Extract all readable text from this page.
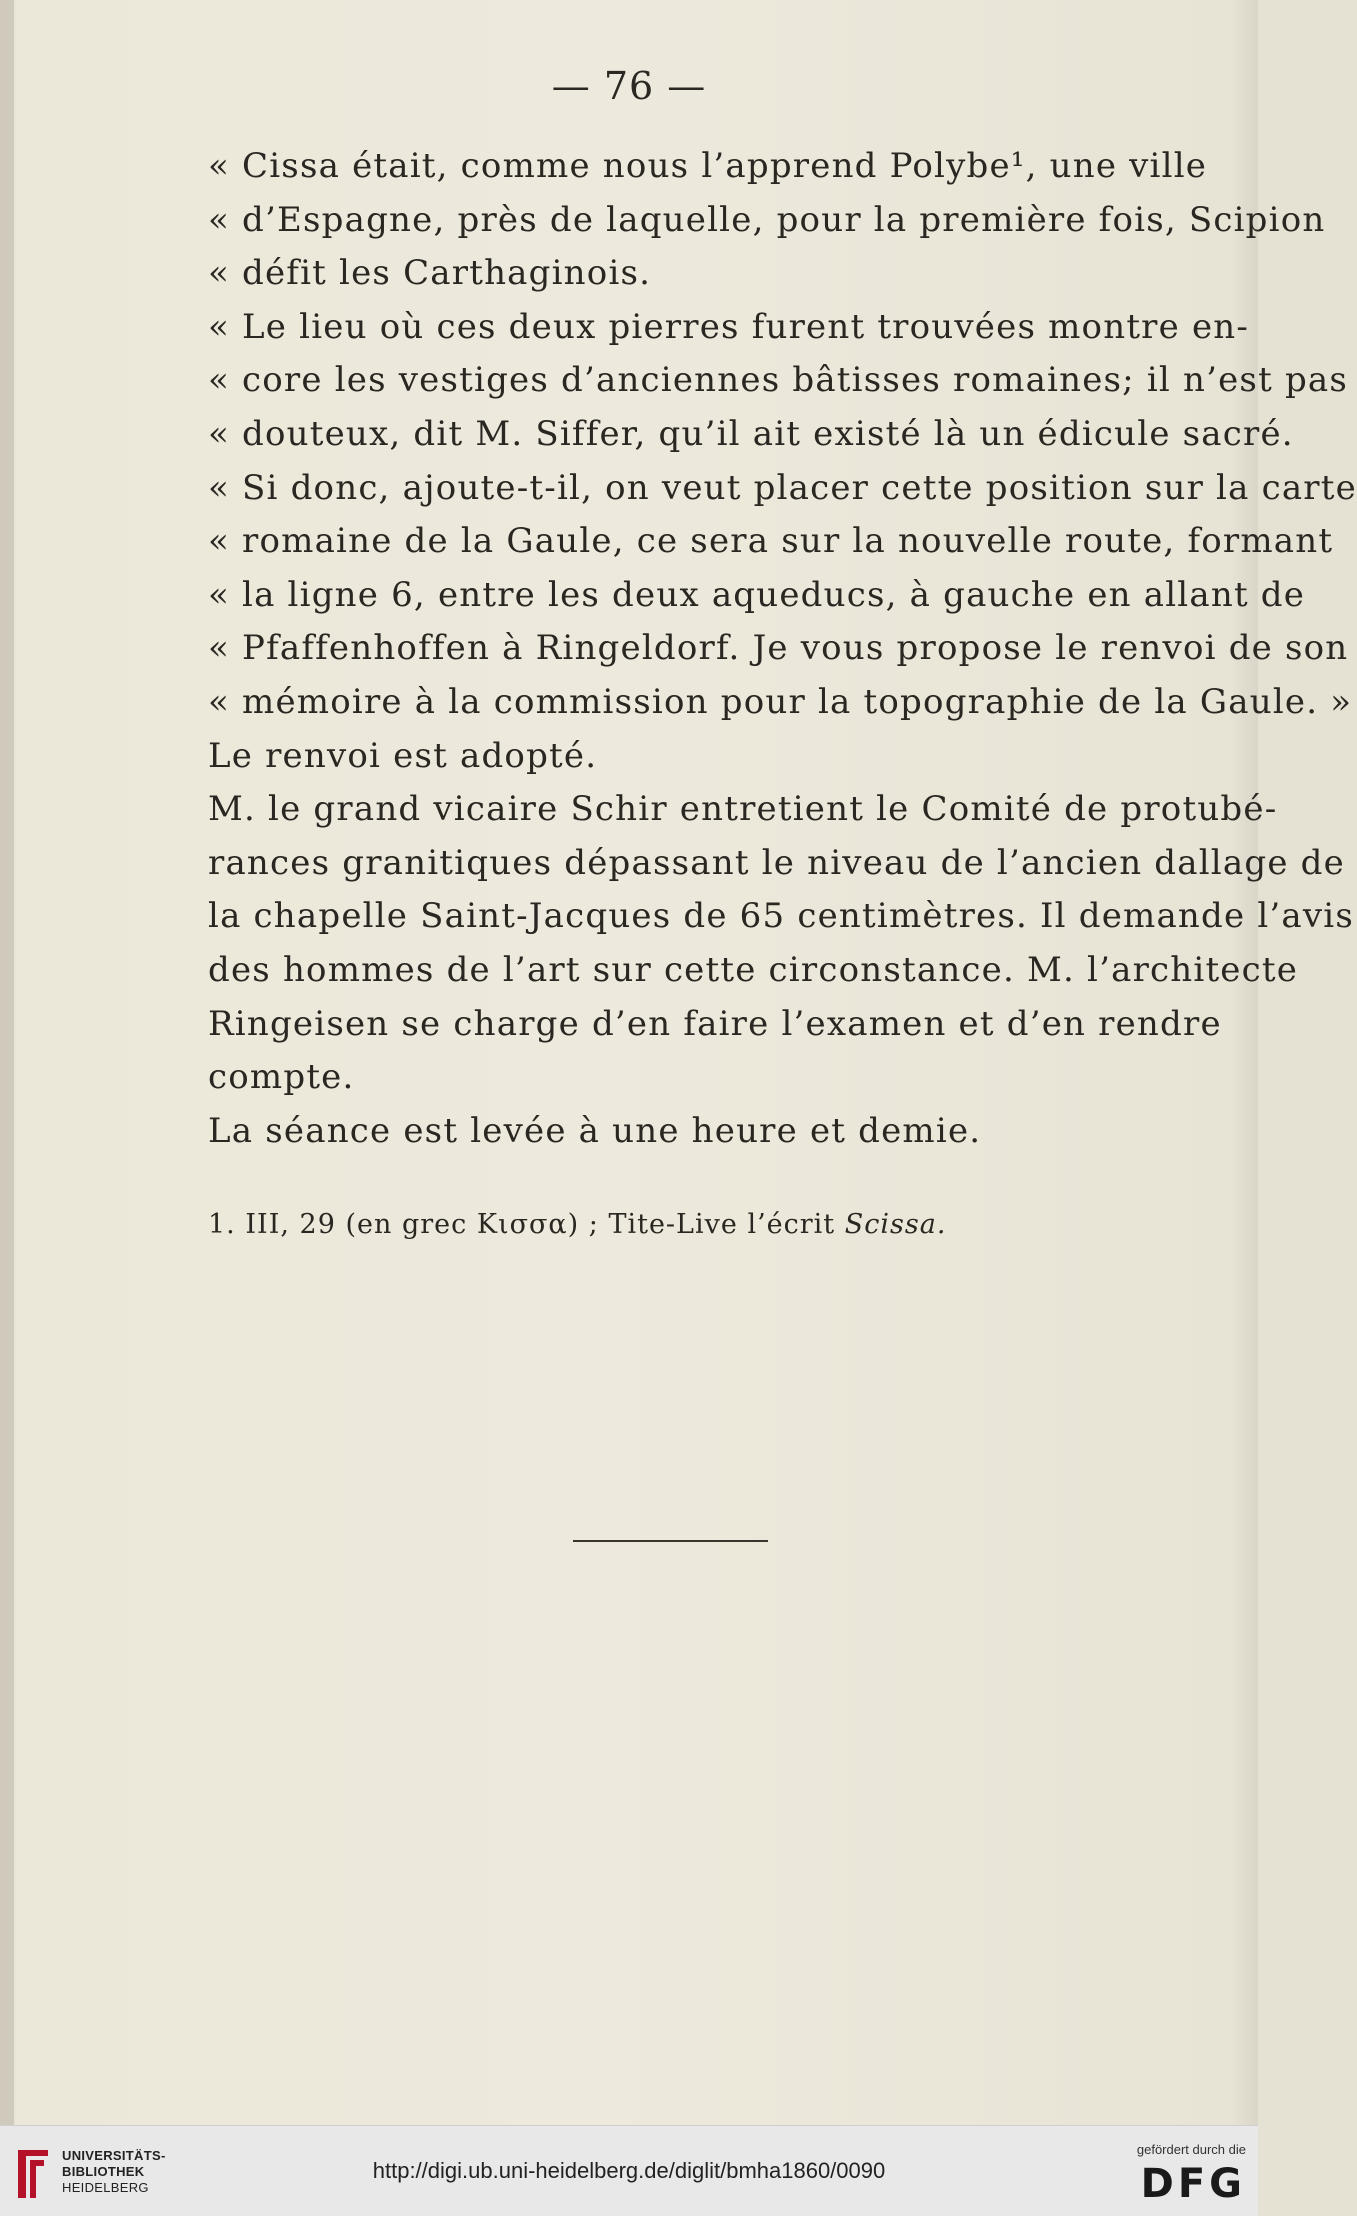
— 76 —
« Cissa était, comme nous l’apprend Polybe¹, une ville
« d’Espagne, près de laquelle, pour la première fois, Scipion
« défit les Carthaginois.
« Le lieu où ces deux pierres furent trouvées montre en-
« core les vestiges d’anciennes bâtisses romaines; il n’est pas
« douteux, dit M. Siffer, qu’il ait existé là un édicule sacré.
« Si donc, ajoute-t-il, on veut placer cette position sur la carte
« romaine de la Gaule, ce sera sur la nouvelle route, formant
« la ligne 6, entre les deux aqueducs, à gauche en allant de
« Pfaffenhoffen à Ringeldorf. Je vous propose le renvoi de son
« mémoire à la commission pour la topographie de la Gaule. »
Le renvoi est adopté.
M. le grand vicaire Schir entretient le Comité de protubé-
rances granitiques dépassant le niveau de l’ancien dallage de
la chapelle Saint-Jacques de 65 centimètres. Il demande l’avis
des hommes de l’art sur cette circonstance. M. l’architecte
Ringeisen se charge d’en faire l’examen et d’en rendre
compte.
La séance est levée à une heure et demie.
1. III, 29 (en grec Κισσα) ; Tite-Live l’écrit Scissa.
UNIVERSITÄTS-
BIBLIOTHEK
HEIDELBERG
http://digi.ub.uni-heidelberg.de/diglit/bmha1860/0090
gefördert durch die
DFG
